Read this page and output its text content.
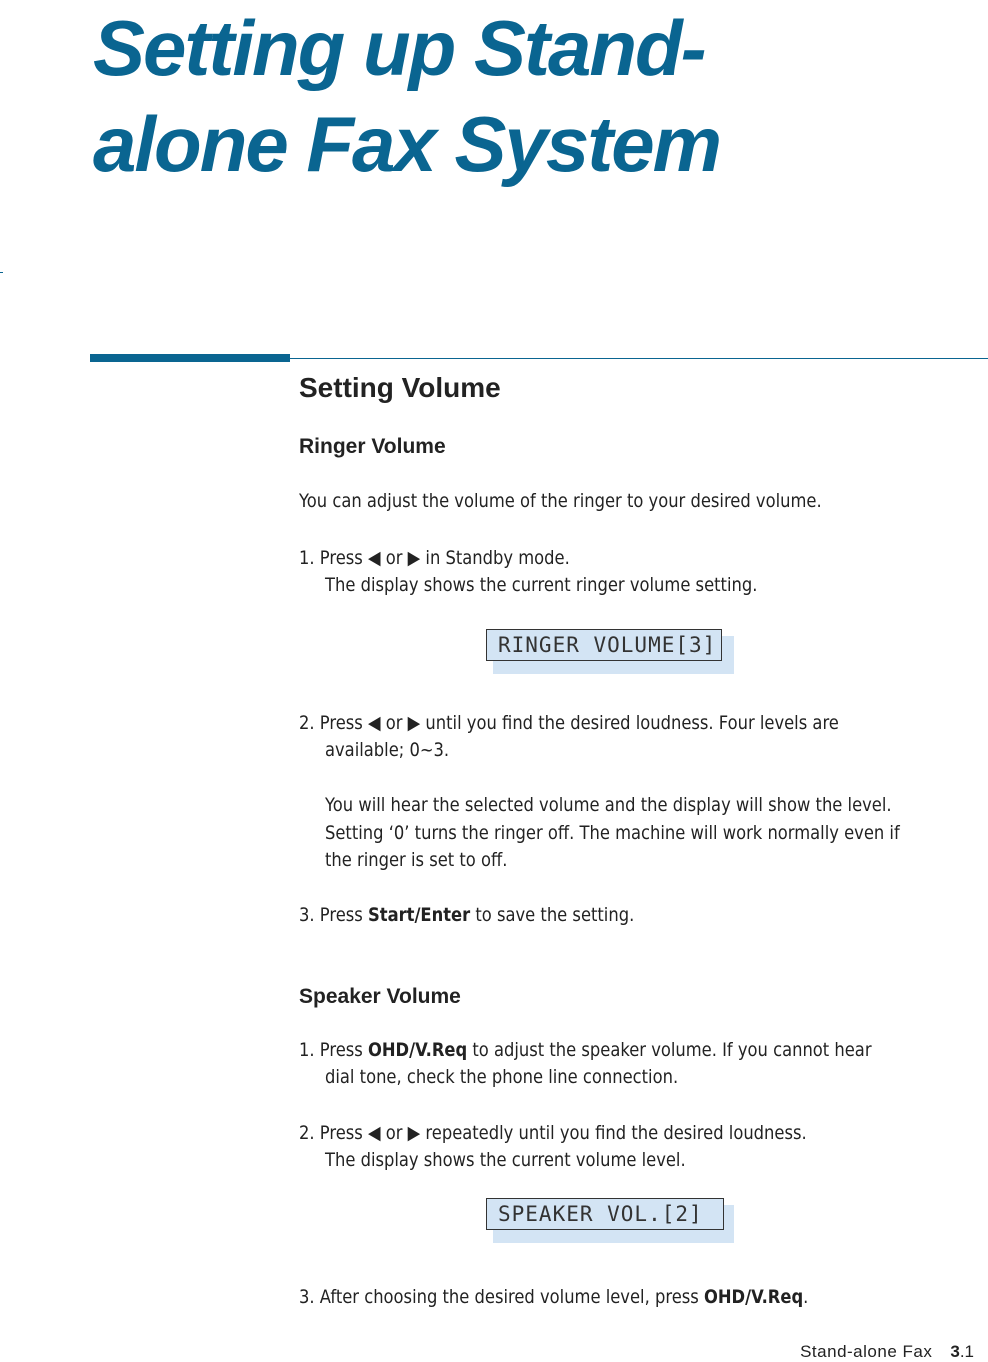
Setting up Stand-
alone Fax System
Setting Volume
Ringer Volume

You can adjust the volume of the ringer to your desired volume.

1. Press ◀ or ▶ in Standby mode.

The display shows the current ringer volume setting.

RINGER VOLUME[3]

2. Press ◀ or ▶ until you find the desired loudness. Four levels are

available; 0~3.

You will hear the selected volume and the display will show the level.

Setting ‘0’ turns the ringer off. The machine will work normally even if

the ringer is set to off.

3. Press Start/Enter to save the setting.

Speaker Volume

1. Press OHD/V.Req to adjust the speaker volume. If you cannot hear

dial tone, check the phone line connection.

2. Press ◀ or ▶ repeatedly until you find the desired loudness.

The display shows the current volume level.

SPEAKER VOL.[2]

3. After choosing the desired volume level, press OHD/V.Req.

Stand-alone Fax 3.1
